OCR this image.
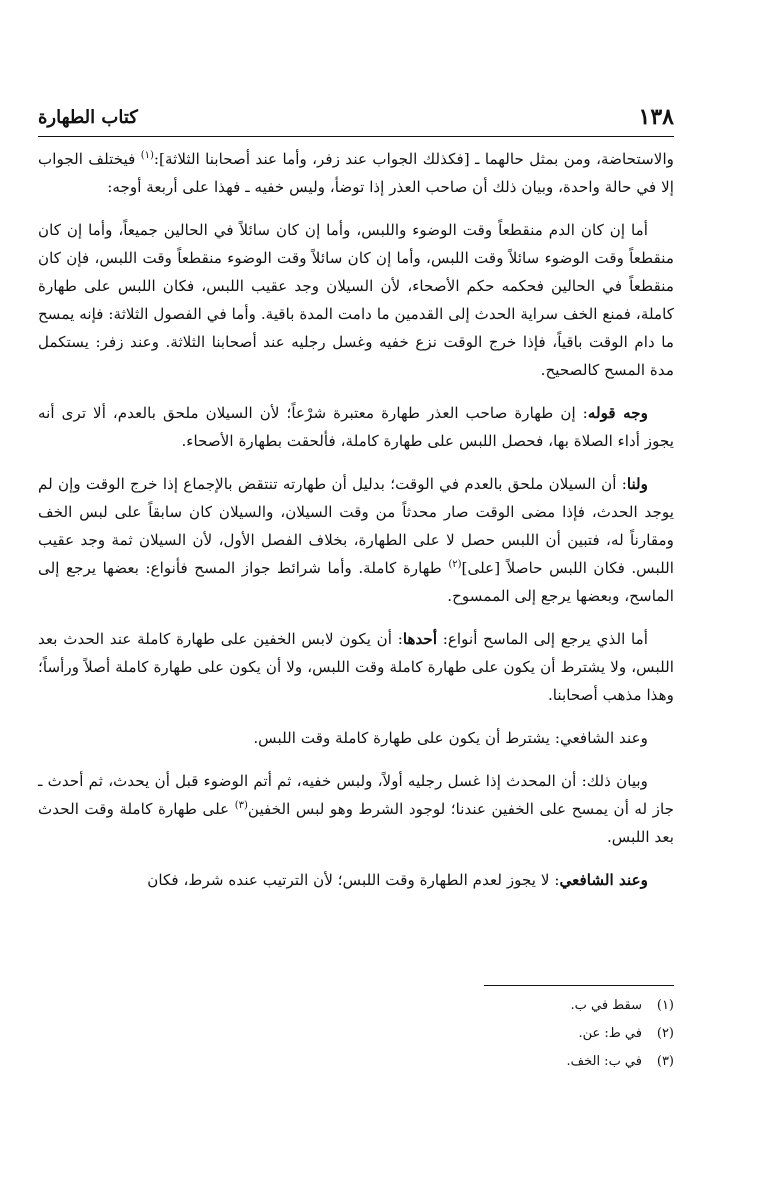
١٣٨
كتاب الطهارة

والاستحاضة، ومن بمثل حالهما ـ [فكذلك الجواب عند زفر، وأما عند أصحابنا الثلاثة]:$^{(١)}$ فيختلف الجواب إلا في حالة واحدة، وبيان ذلك أن صاحب العذر إذا توضأ، وليس خفيه ـ فهذا على أربعة أوجه:

أما إن كان الدم منقطعاً وقت الوضوء واللبس، وأما إن كان سائلاً في الحالين جميعاً، وأما إن كان منقطعاً وقت الوضوء سائلاً وقت اللبس، وأما إن كان سائلاً وقت الوضوء منقطعاً وقت اللبس، فإن كان منقطعاً في الحالين فحكمه حكم الأصحاء، لأن السيلان وجد عقيب اللبس، فكان اللبس على طهارة كاملة، فمنع الخف سراية الحدث إلى القدمين ما دامت المدة باقية. وأما في الفصول الثلاثة: فإنه يمسح ما دام الوقت باقياً، فإذا خرج الوقت نزع خفيه وغسل رجليه عند أصحابنا الثلاثة. وعند زفر: يستكمل مدة المسح كالصحيح.

وجه قوله: إن طهارة صاحب العذر طهارة معتبرة شرْعاً؛ لأن السيلان ملحق بالعدم، ألا ترى أنه يجوز أداء الصلاة بها، فحصل اللبس على طهارة كاملة، فألحقت بطهارة الأصحاء.

ولنا: أن السيلان ملحق بالعدم في الوقت؛ بدليل أن طهارته تنتقض بالإجماع إذا خرج الوقت وإن لم يوجد الحدث، فإذا مضى الوقت صار محدثاً من وقت السيلان، والسيلان كان سابقاً على لبس الخف ومقارناً له، فتبين أن اللبس حصل لا على الطهارة، بخلاف الفصل الأول، لأن السيلان ثمة وجد عقيب اللبس. فكان اللبس حاصلاً [على]$^{(٢)}$ طهارة كاملة. وأما شرائط جواز المسح فأنواع: بعضها يرجع إلى الماسح، وبعضها يرجع إلى الممسوح.

أما الذي يرجع إلى الماسح أنواع: أحدها: أن يكون لابس الخفين على طهارة كاملة عند الحدث بعد اللبس، ولا يشترط أن يكون على طهارة كاملة وقت اللبس، ولا أن يكون على طهارة كاملة أصلاً ورأساً؛ وهذا مذهب أصحابنا.

وعند الشافعي: يشترط أن يكون على طهارة كاملة وقت اللبس.

وبيان ذلك: أن المحدث إذا غسل رجليه أولاً، ولبس خفيه، ثم أتم الوضوء قبل أن يحدث، ثم أحدث ـ جاز له أن يمسح على الخفين عندنا؛ لوجود الشرط وهو لبس الخفين$^{(٣)}$ على طهارة كاملة وقت الحدث بعد اللبس.

وعند الشافعي: لا يجوز لعدم الطهارة وقت اللبس؛ لأن الترتيب عنده شرط، فكان

(١)
سقط في ب.
(٢)
في ط: عن.
(٣)
في ب: الخف.
